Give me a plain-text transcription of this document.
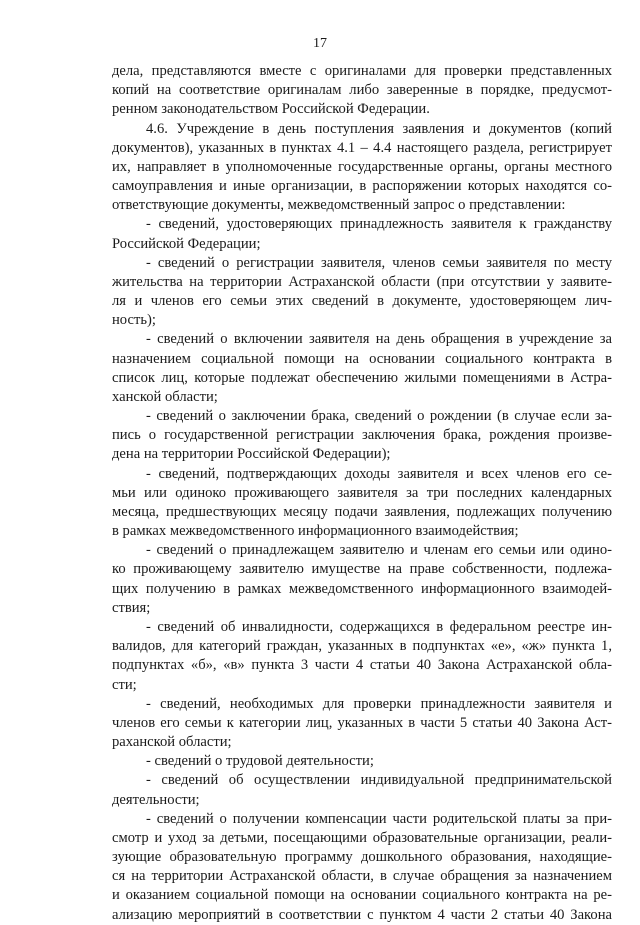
17
дела, представляются вместе с оригиналами для проверки представленных
копий на соответствие оригиналам либо заверенные в порядке, предусмот-
ренном законодательством Российской Федерации.
4.6. Учреждение в день поступления заявления и документов (копий
документов), указанных в пунктах 4.1 – 4.4 настоящего раздела, регистрирует
их, направляет в уполномоченные государственные органы, органы местного
самоуправления и иные организации, в распоряжении которых находятся со-
ответствующие документы, межведомственный запрос о представлении:
- сведений, удостоверяющих принадлежность заявителя к гражданству
Российской Федерации;
- сведений о регистрации заявителя, членов семьи заявителя по месту
жительства на территории Астраханской области (при отсутствии у заявите-
ля и членов его семьи этих сведений в документе, удостоверяющем лич-
ность);
- сведений о включении заявителя на день обращения в учреждение за
назначением социальной помощи на основании социального контракта в
список лиц, которые подлежат обеспечению жилыми помещениями в Астра-
ханской области;
- сведений о заключении брака, сведений о рождении (в случае если за-
пись о государственной регистрации заключения брака, рождения произве-
дена на территории Российской Федерации);
- сведений, подтверждающих доходы заявителя и всех членов его се-
мьи или одиноко проживающего заявителя за три последних календарных
месяца, предшествующих месяцу подачи заявления, подлежащих получению
в рамках межведомственного информационного взаимодействия;
- сведений о принадлежащем заявителю и членам его семьи или одино-
ко проживающему заявителю имуществе на праве собственности, подлежа-
щих получению в рамках межведомственного информационного взаимодей-
ствия;
- сведений об инвалидности, содержащихся в федеральном реестре ин-
валидов, для категорий граждан, указанных в подпунктах «е», «ж» пункта 1,
подпунктах «б», «в» пункта 3 части 4 статьи 40 Закона Астраханской обла-
сти;
- сведений, необходимых для проверки принадлежности заявителя и
членов его семьи к категории лиц, указанных в части 5 статьи 40 Закона Аст-
раханской области;
- сведений о трудовой деятельности;
- сведений об осуществлении индивидуальной предпринимательской
деятельности;
- сведений о получении компенсации части родительской платы за при-
смотр и уход за детьми, посещающими образовательные организации, реали-
зующие образовательную программу дошкольного образования, находящие-
ся на территории Астраханской области, в случае обращения за назначением
и оказанием социальной помощи на основании социального контракта на ре-
ализацию мероприятий в соответствии с пунктом 4 части 2 статьи 40 Закона
